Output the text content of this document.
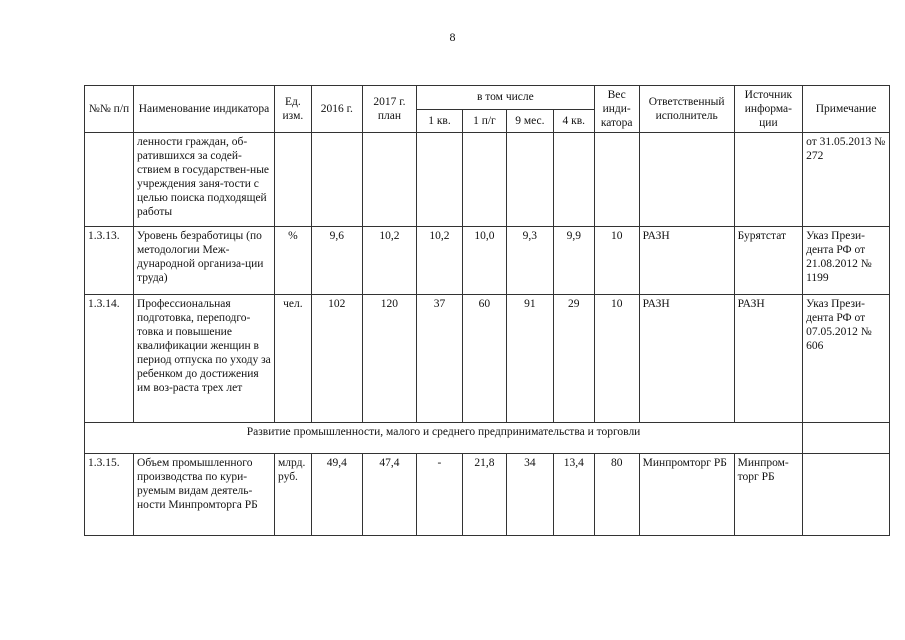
8
№№ п/п	Наименование индикатора	Ед. изм.	2016 г.	2017 г. план	в том числе				Вес инди-катора	Ответственный исполнитель	Источник информа-ции	Примечание
					1 кв.	1 п/г	9 мес.	4 кв.				
	ленности граждан, об-ратившихся за содей-ствием в государствен-ные учреждения заня-тости с целью поиска подходящей работы											от 31.05.2013 № 272
1.3.13.	Уровень безработицы (по методологии Меж-дународной организа-ции труда)	%	9,6	10,2	10,2	10,0	9,3	9,9	10	РАЗН	Бурятстат	Указ Прези-дента РФ от 21.08.2012 № 1199
1.3.14.	Профессиональная подготовка, переподго-товка и повышение квалификации женщин в период отпуска по уходу за ребенком до достижения им воз-раста трех лет	чел.	102	120	37	60	91	29	10	РАЗН	РАЗН	Указ Прези-дента РФ от 07.05.2012 № 606
Развитие промышленности, малого и среднего предпринимательства и торговли												
1.3.15.	Объем промышленного производства по кури-руемым видам деятель-ности Минпромторга РБ	млрд. руб.	49,4	47,4	-	21,8	34	13,4	80	Минпромторг РБ	Минпром-торг РБ	
